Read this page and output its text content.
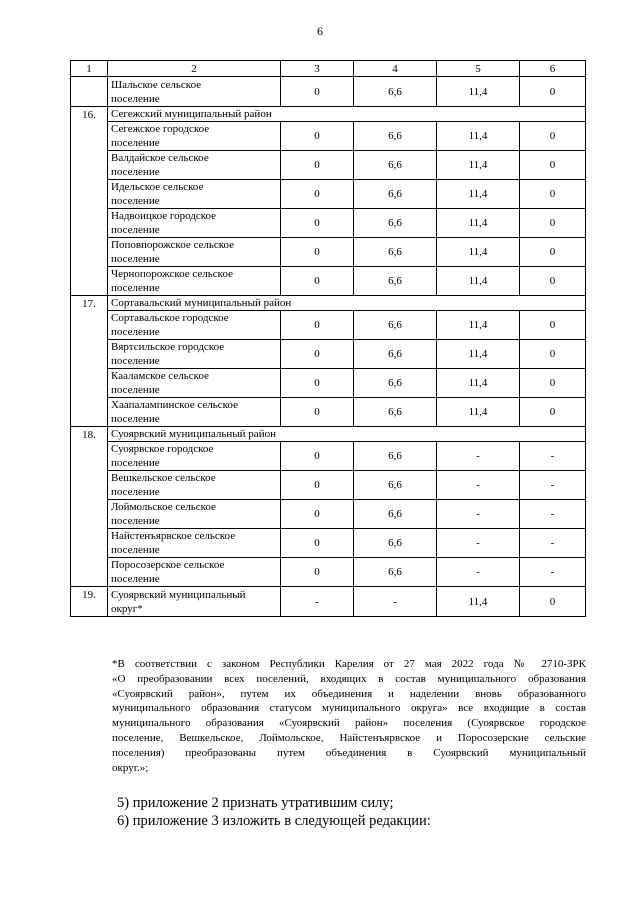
6
1	2	3	4	5	6

	Шальское сельское
поселение	0	6,6	11,4	0
16.	Сегежский муниципальный район				

	Сегежское городское
поселение	0	6,6	11,4	0

	Валдайское сельское
поселение	0	6,6	11,4	0

	Идельское сельское
поселение	0	6,6	11,4	0

	Надвоицкое городское
поселение	0	6,6	11,4	0

	Поповпорожское сельское
поселение	0	6,6	11,4	0

	Чернопорожское сельское
поселение	0	6,6	11,4	0
17.	Сортавальский муниципальный район				

	Сортавальское городское
поселение	0	6,6	11,4	0

	Вяртсильское городское
поселение	0	6,6	11,4	0

	Кааламское сельское
поселение	0	6,6	11,4	0

	Хаапалампинское сельское
поселение	0	6,6	11,4	0
18.	Суоярвский муниципальный район				

	Суоярвское городское
поселение	0	6,6	-	-

	Вешкельское сельское
поселение	0	6,6	-	-

	Лоймольское сельское
поселение	0	6,6	-	-

	Найстенъярвское сельское
поселение	0	6,6	-	-

	Поросозерское сельское
поселение	0	6,6	-	-
19.	Суоярвский муниципальный
округ*	-	-	11,4	0
*В соответствии с законом Республики Карелия от 27 мая 2022 года № 2710-ЗРК
«О преобразовании всех поселений, входящих в состав муниципального образования
«Суоярвский район», путем их объединения и наделении вновь образованного
муниципального образования статусом муниципального округа» все входящие в состав
муниципального образования «Суоярвский район» поселения (Суоярвское городское
поселение, Вешкельское, Лоймольское, Найстенъярвское и Поросозерские сельские
поселения) преобразованы путем объединения в Суоярвский муниципальный
округ.»;
5) приложение 2 признать утратившим силу;
6) приложение 3 изложить в следующей редакции:
